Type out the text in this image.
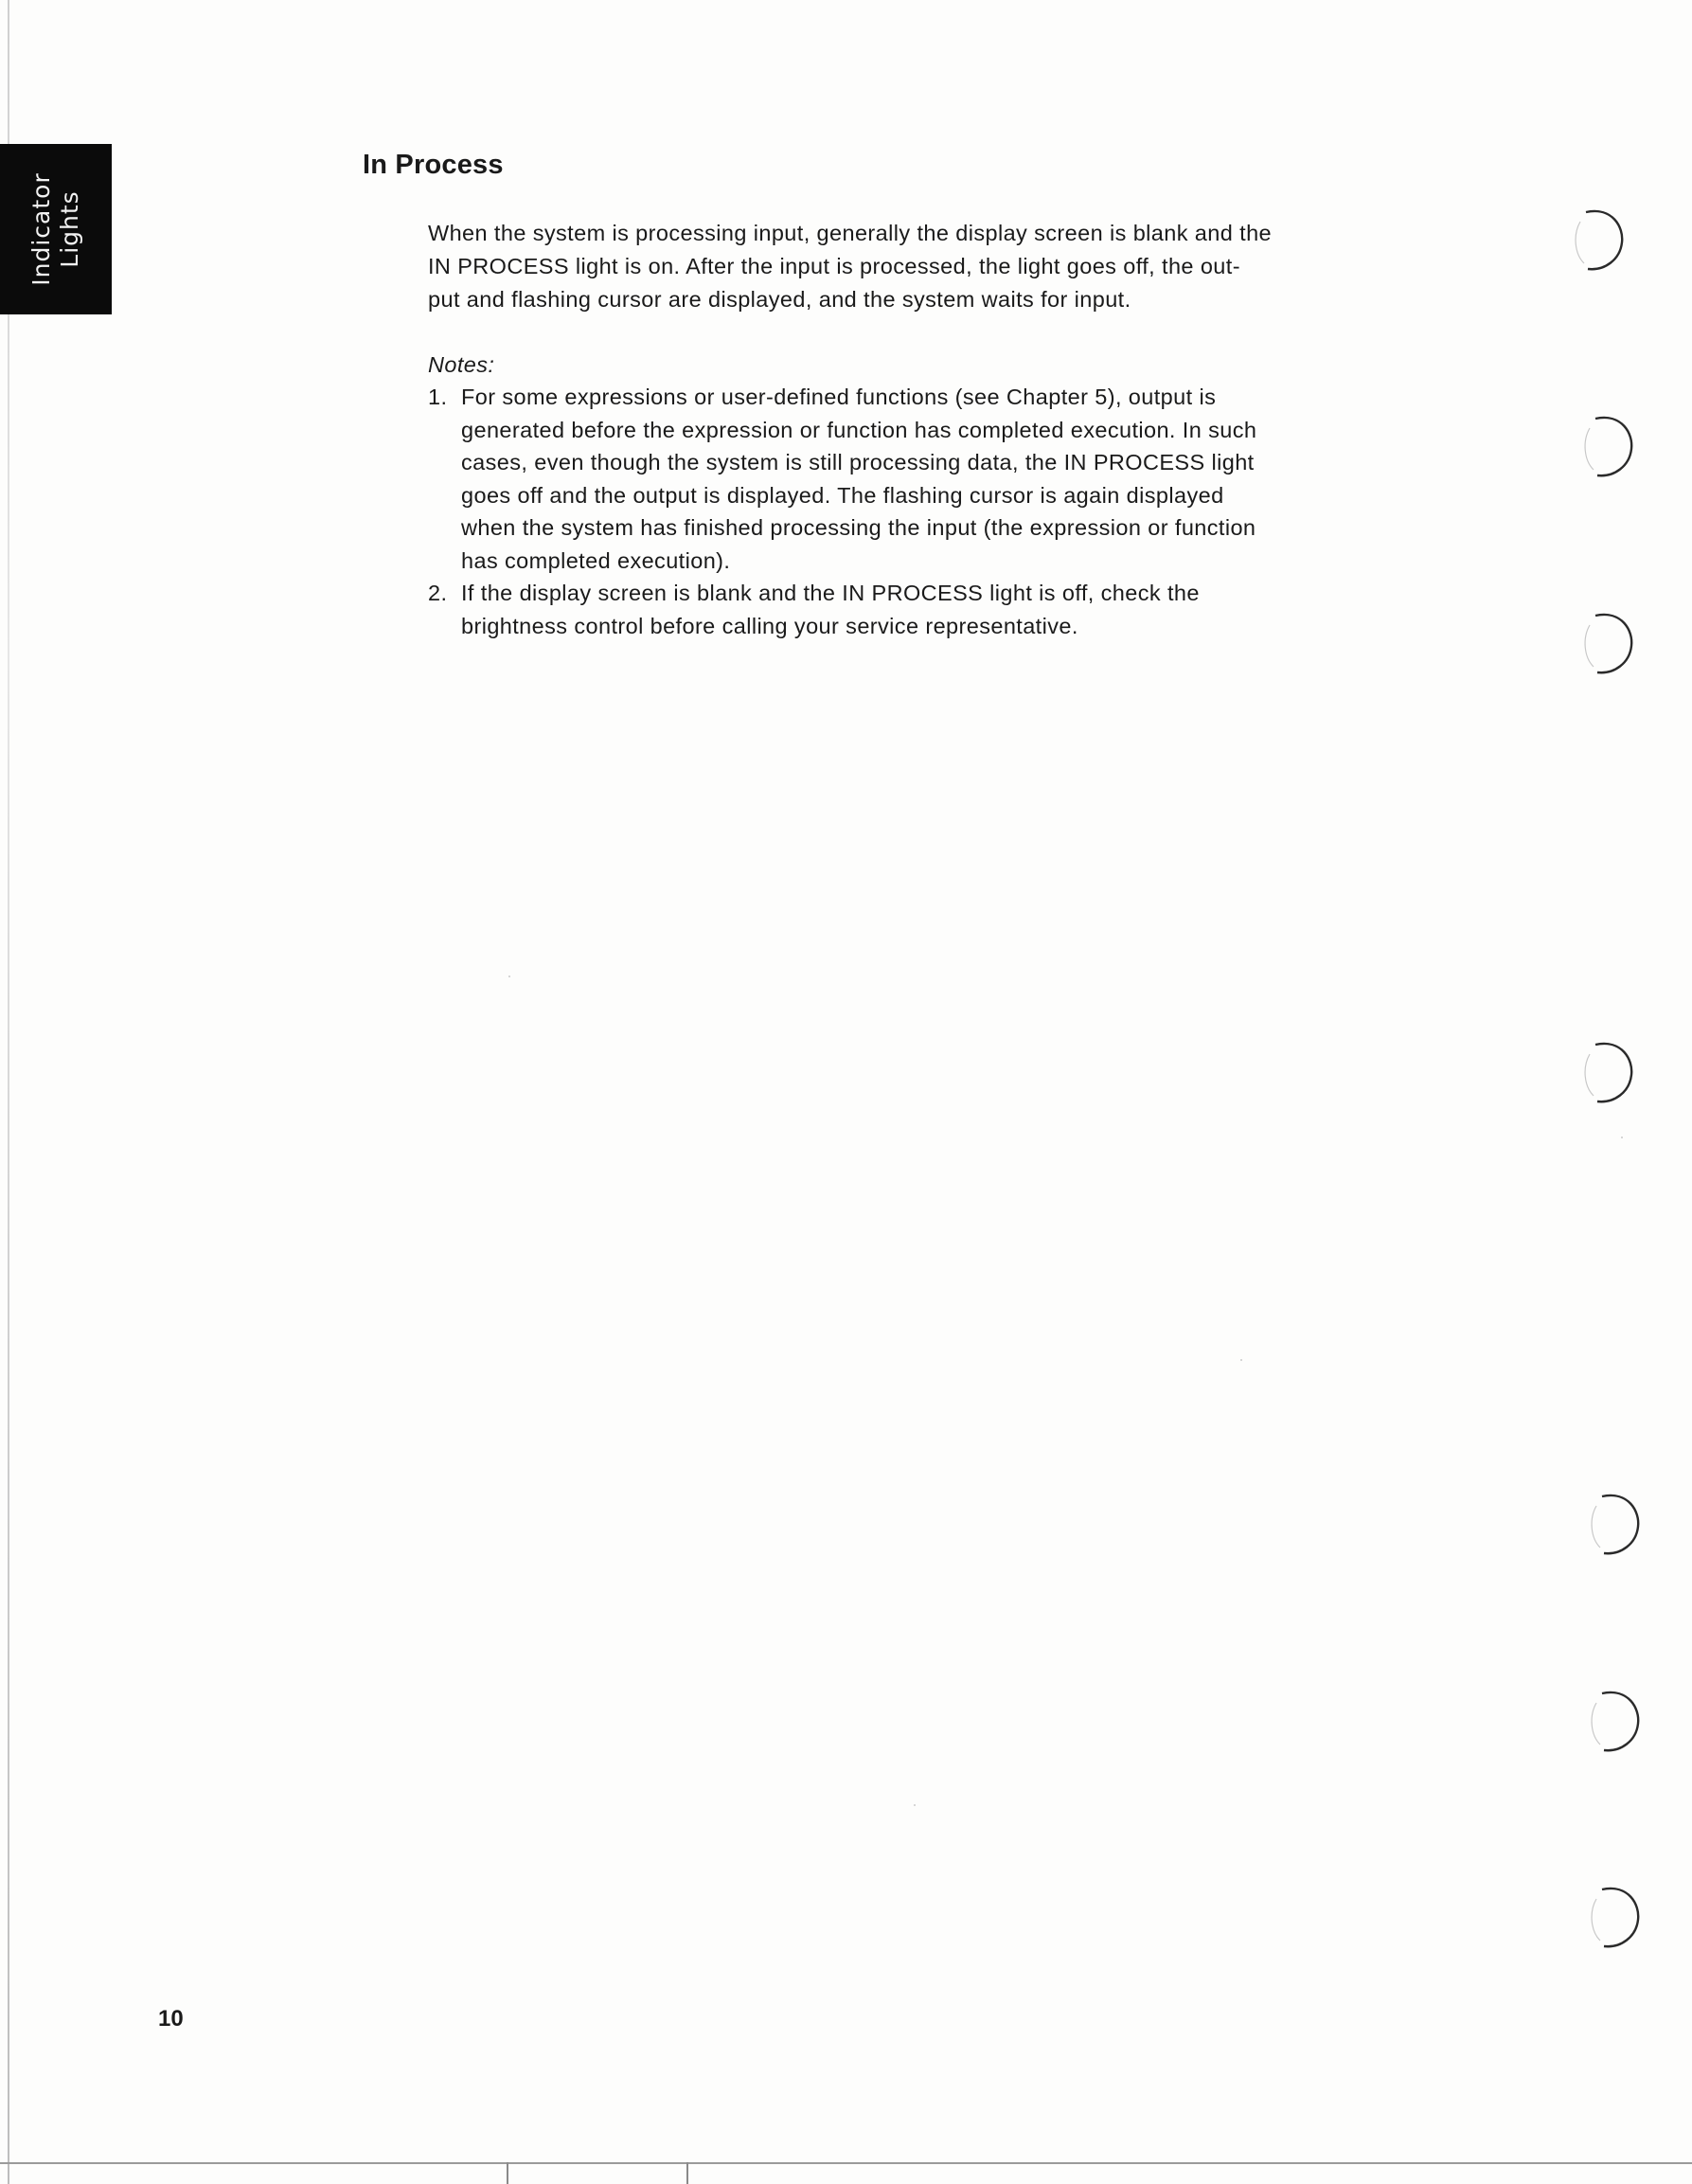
Indicator Lights
In Process

When the system is processing input, generally the display screen is blank and the
IN PROCESS light is on. After the input is processed, the light goes off, the out-
put and flashing cursor are displayed, and the system waits for input.

Notes:

1. For some expressions or user-defined functions (see Chapter 5), output is
generated before the expression or function has completed execution. In such
cases, even though the system is still processing data, the IN PROCESS light
goes off and the output is displayed. The flashing cursor is again displayed
when the system has finished processing the input (the expression or function
has completed execution).
2. If the display screen is blank and the IN PROCESS light is off, check the
brightness control before calling your service representative.

10
